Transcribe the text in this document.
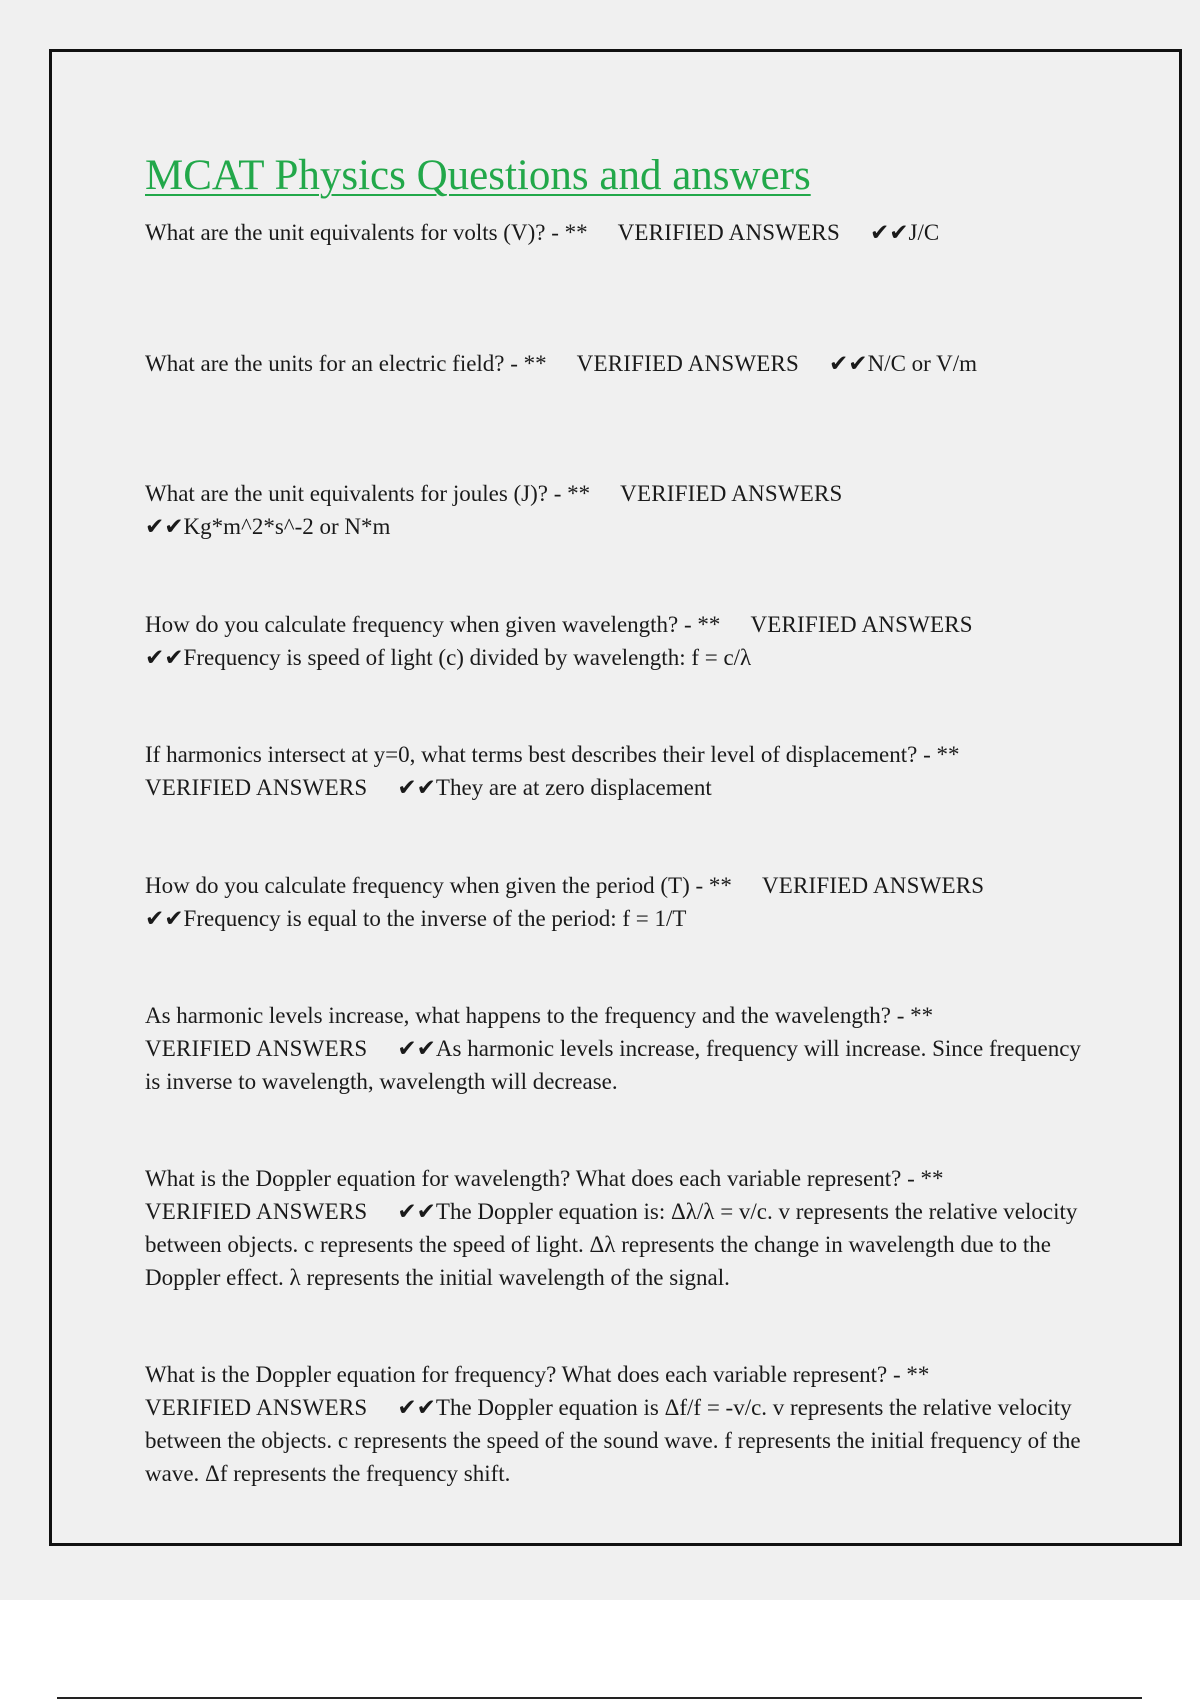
MCAT Physics Questions and answers

What are the unit equivalents for volts (V)? - ** VERIFIED ANSWERS ✔✔J/C

What are the units for an electric field? - ** VERIFIED ANSWERS ✔✔N/C or V/m

What are the unit equivalents for joules (J)? - ** VERIFIED ANSWERS
✔✔Kg*m^2*s^-2 or N*m

How do you calculate frequency when given wavelength? - ** VERIFIED ANSWERS
✔✔Frequency is speed of light (c) divided by wavelength: f = c/λ

If harmonics intersect at y=0, what terms best describes their level of displacement? - **
VERIFIED ANSWERS ✔✔They are at zero displacement

How do you calculate frequency when given the period (T) - ** VERIFIED ANSWERS
✔✔Frequency is equal to the inverse of the period: f = 1/T

As harmonic levels increase, what happens to the frequency and the wavelength? - **
VERIFIED ANSWERS ✔✔As harmonic levels increase, frequency will increase. Since frequency is inverse to wavelength, wavelength will decrease.

What is the Doppler equation for wavelength? What does each variable represent? - **
VERIFIED ANSWERS ✔✔The Doppler equation is: Δλ/λ = v/c. v represents the relative velocity between objects. c represents the speed of light. Δλ represents the change in wavelength due to the Doppler effect. λ represents the initial wavelength of the signal.

What is the Doppler equation for frequency? What does each variable represent? - **
VERIFIED ANSWERS ✔✔The Doppler equation is Δf/f = -v/c. v represents the relative velocity between the objects. c represents the speed of the sound wave. f represents the initial frequency of the wave. Δf represents the frequency shift.
